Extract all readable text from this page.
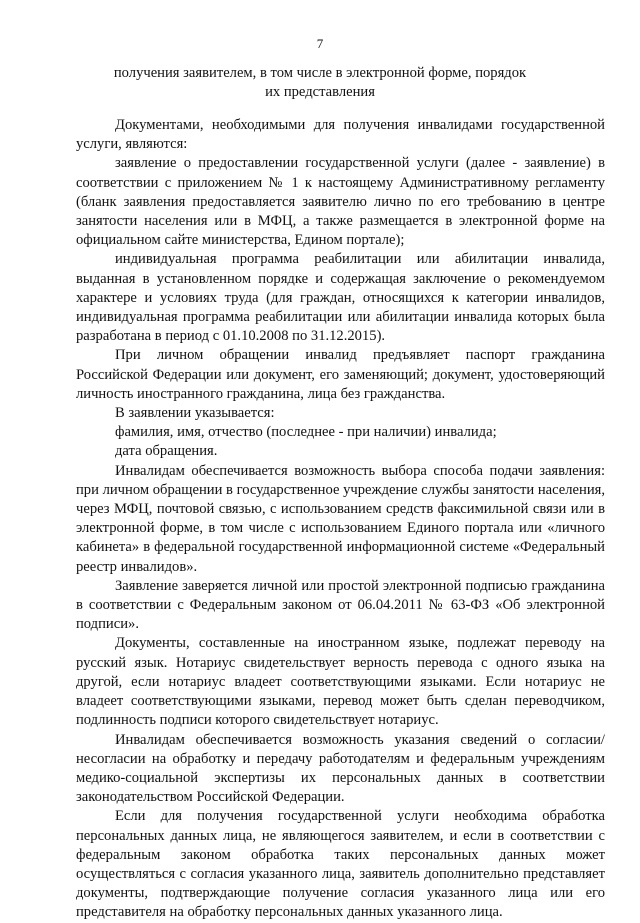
7
получения заявителем, в том числе в электронной форме, порядок их представления

Документами, необходимыми для получения инвалидами государственной услуги, являются:

заявление о предоставлении государственной услуги (далее - заявление) в соответствии с приложением № 1 к настоящему Административному регламенту (бланк заявления предоставляется заявителю лично по его требованию в центре занятости населения или в МФЦ, а также размещается в электронной форме на официальном сайте министерства, Едином портале);

индивидуальная программа реабилитации или абилитации инвалида, выданная в установленном порядке и содержащая заключение о рекомендуемом характере и условиях труда (для граждан, относящихся к категории инвалидов, индивидуальная программа реабилитации или абилитации инвалида которых была разработана в период с 01.10.2008 по 31.12.2015).

При личном обращении инвалид предъявляет паспорт гражданина Российской Федерации или документ, его заменяющий; документ, удостоверяющий личность иностранного гражданина, лица без гражданства.

В заявлении указывается:

фамилия, имя, отчество (последнее - при наличии) инвалида;

дата обращения.

Инвалидам обеспечивается возможность выбора способа подачи заявления: при личном обращении в государственное учреждение службы занятости населения, через МФЦ, почтовой связью, с использованием средств факсимильной связи или в электронной форме, в том числе с использованием Единого портала или «личного кабинета» в федеральной государственной информационной системе «Федеральный реестр инвалидов».

Заявление заверяется личной или простой электронной подписью гражданина в соответствии с Федеральным законом от 06.04.2011 № 63-ФЗ «Об электронной подписи».

Документы, составленные на иностранном языке, подлежат переводу на русский язык. Нотариус свидетельствует верность перевода с одного языка на другой, если нотариус владеет соответствующими языками. Если нотариус не владеет соответствующими языками, перевод может быть сделан переводчиком, подлинность подписи которого свидетельствует нотариус.

Инвалидам обеспечивается возможность указания сведений о согласии/несогласии на обработку и передачу работодателям и федеральным учреждениям медико-социальной экспертизы их персональных данных в соответствии законодательством Российской Федерации.

Если для получения государственной услуги необходима обработка персональных данных лица, не являющегося заявителем, и если в соответствии с федеральным законом обработка таких персональных данных может осуществляться с согласия указанного лица, заявитель дополнительно представляет документы, подтверждающие получение согласия указанного лица или его представителя на обработку персональных данных указанного лица.
